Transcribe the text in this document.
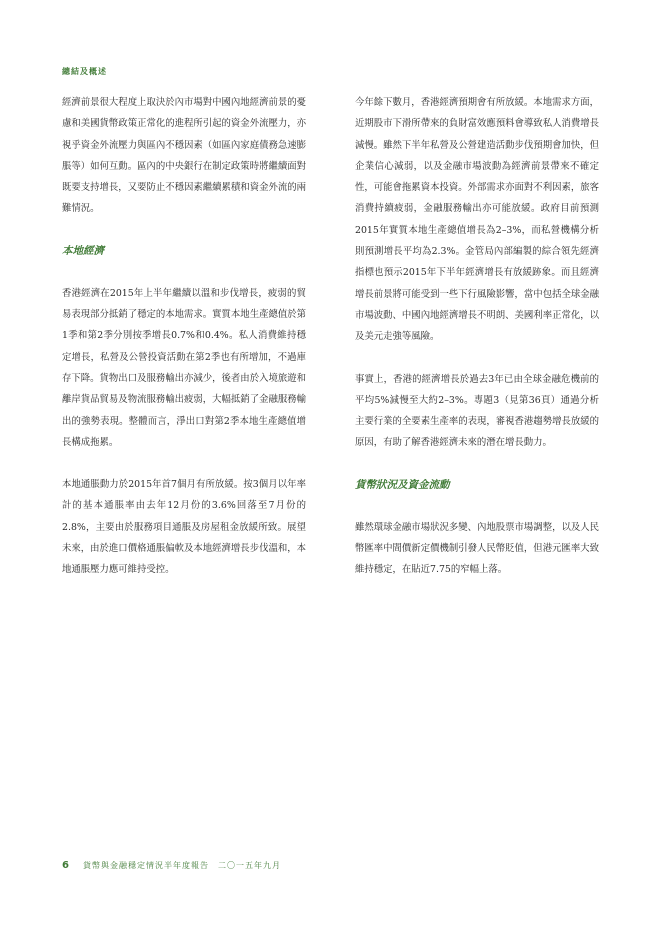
總結及概述

經濟前景很大程度上取決於內市場對中國內地經濟前景的憂慮和美國貨幣政策正常化的進程所引起的資金外流壓力，亦視乎資金外流壓力與區內不穩因素（如區內家庭債務急速膨脹等）如何互動。區內的中央銀行在制定政策時將繼續面對既要支持增長，又要防止不穩因素繼續累積和資金外流的兩難情況。

本地經濟

香港經濟在2015年上半年繼續以溫和步伐增長，疲弱的貿易表現部分抵銷了穩定的本地需求。實質本地生產總值於第1季和第2季分別按季增長0.7%和0.4%。私人消費維持穩定增長，私營及公營投資活動在第2季也有所增加，不過庫存下降。貨物出口及服務輸出亦減少，後者由於入境旅遊和離岸貨品貿易及物流服務輸出疲弱，大幅抵銷了金融服務輸出的強勢表現。整體而言，淨出口對第2季本地生產總值增長構成拖累。

本地通脹動力於2015年首7個月有所放緩。按3個月以年率計的基本通脹率由去年12月份的3.6%回落至7月份的2.8%，主要由於服務項目通脹及房屋租金放緩所致。展望未來，由於進口價格通脹偏軟及本地經濟增長步伐溫和，本地通脹壓力應可維持受控。

今年餘下數月，香港經濟預期會有所放緩。本地需求方面，近期股市下滑所帶來的負財富效應預料會導致私人消費增長減慢。雖然下半年私營及公營建造活動步伐預期會加快，但企業信心減弱，以及金融市場波動為經濟前景帶來不確定性，可能會拖累資本投資。外部需求亦面對不利因素，旅客消費持續疲弱，金融服務輸出亦可能放緩。政府目前預測2015年實質本地生產總值增長為2–3%，而私營機構分析則預測增長平均為2.3%。金管局內部編製的綜合領先經濟指標也預示2015年下半年經濟增長有放緩跡象。而且經濟增長前景將可能受到一些下行風險影響，當中包括全球金融市場波動、中國內地經濟增長不明朗、美國利率正常化，以及美元走強等風險。

事實上，香港的經濟增長於過去3年已由全球金融危機前的平均5%減慢至大約2–3%。專題3（見第36頁）通過分析主要行業的全要素生產率的表現，審視香港趨勢增長放緩的原因，有助了解香港經濟未來的潛在增長動力。

貨幣狀況及資金流動

雖然環球金融市場狀況多變、內地股票市場調整，以及人民幣匯率中間價新定價機制引發人民幣貶值，但港元匯率大致維持穩定，在貼近7.75的窄幅上落。

6 貨幣與金融穩定情況半年度報告　二〇一五年九月
